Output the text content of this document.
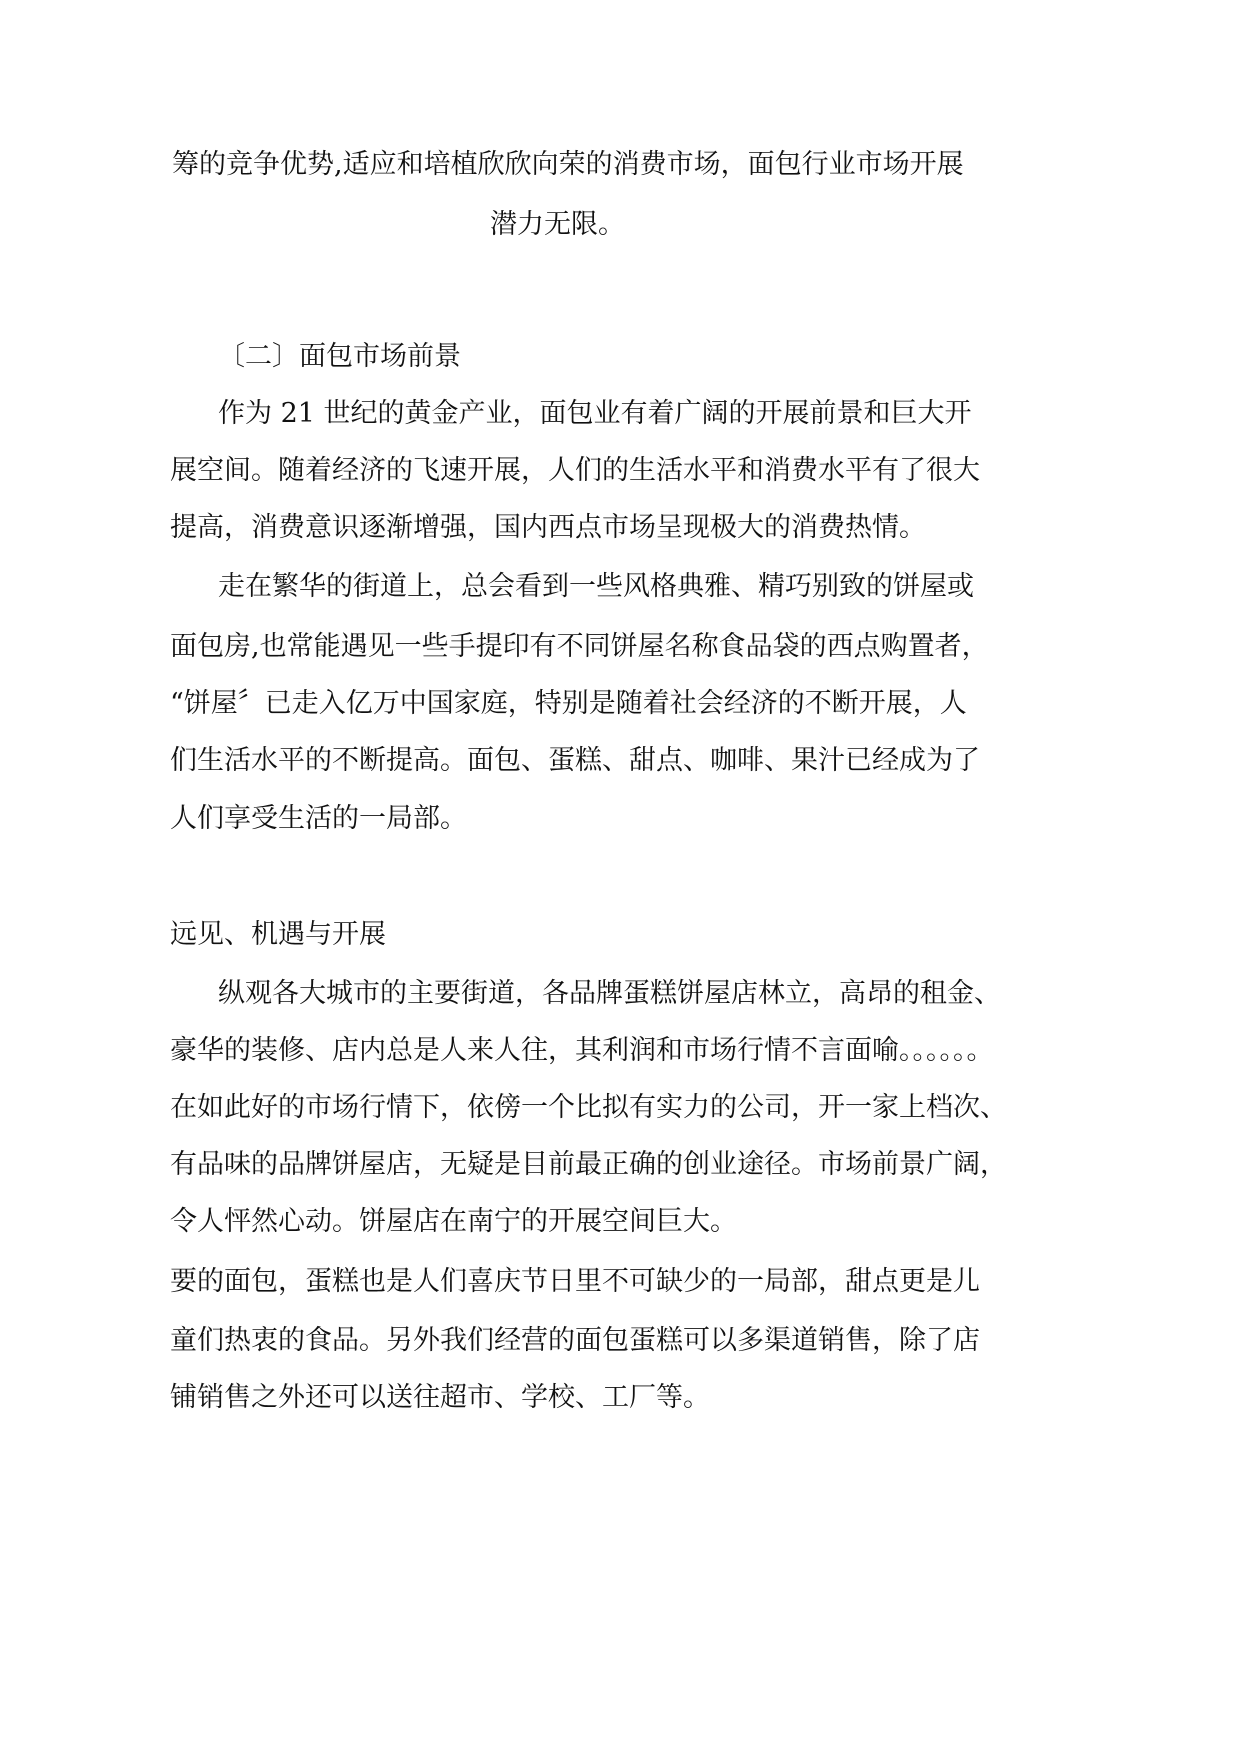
筹的竞争优势,适应和培植欣欣向荣的消费市场，面包行业市场开展
潜力无限。
〔二〕面包市场前景
作为 21 世纪的黄金产业，面包业有着广阔的开展前景和巨大开
展空间。随着经济的飞速开展，人们的生活水平和消费水平有了很大
提高，消费意识逐渐增强，国内西点市场呈现极大的消费热情。
走在繁华的街道上，总会看到一些风格典雅、精巧别致的饼屋或
面包房,也常能遇见一些手提印有不同饼屋名称食品袋的西点购置者，
“饼屋〞已走入亿万中国家庭，特别是随着社会经济的不断开展，人
们生活水平的不断提高。面包、蛋糕、甜点、咖啡、果汁已经成为了
人们享受生活的一局部。
远见、机遇与开展
纵观各大城市的主要街道，各品牌蛋糕饼屋店林立，高昂的租金、
豪华的装修、店内总是人来人往，其利润和市场行情不言面喻。。。。。。
在如此好的市场行情下，依傍一个比拟有实力的公司，开一家上档次、
有品味的品牌饼屋店，无疑是目前最正确的创业途径。市场前景广阔，
令人怦然心动。饼屋店在南宁的开展空间巨大。
要的面包，蛋糕也是人们喜庆节日里不可缺少的一局部，甜点更是儿
童们热衷的食品。另外我们经营的面包蛋糕可以多渠道销售，除了店
铺销售之外还可以送往超市、学校、工厂等。
